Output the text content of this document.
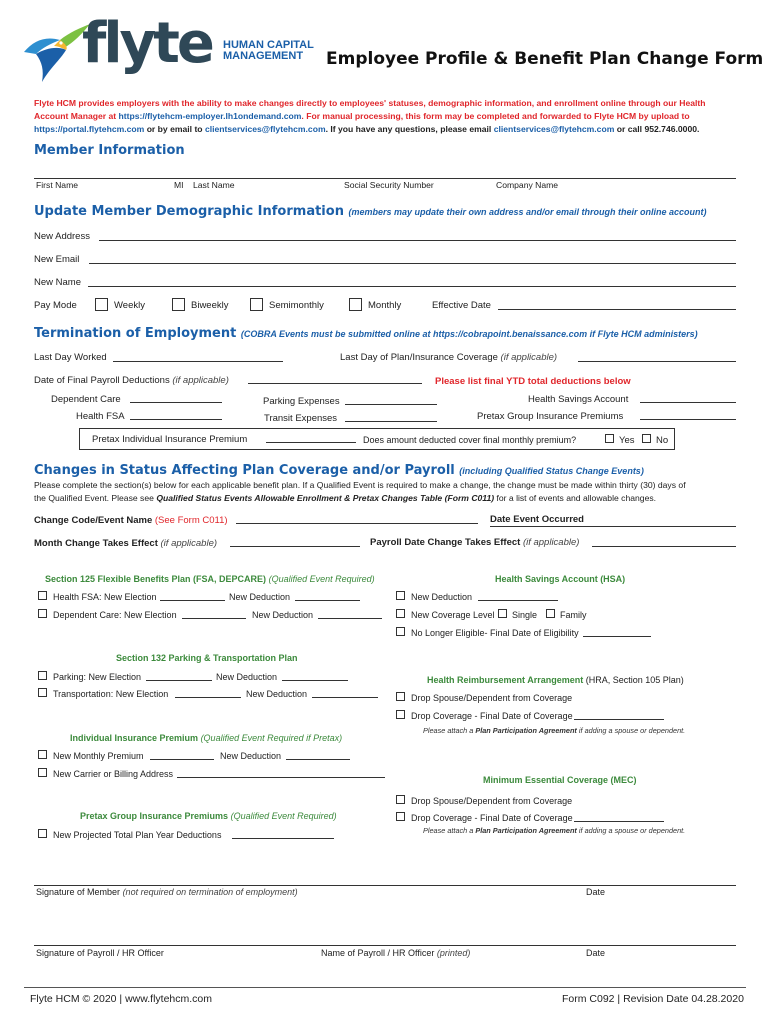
flyte HUMAN CAPITAL
MANAGEMENT Employee Profile & Benefit Plan Change Form
Flyte HCM provides employers with the ability to make changes directly to employees' statuses, demographic information, and enrollment online through our Health
Account Manager at https://flytehcm-employer.lh1ondemand.com. For manual processing, this form may be completed and forwarded to Flyte HCM by upload to
https://portal.flytehcm.com or by email to clientservices@flytehcm.com. If you have any questions, please email clientservices@flytehcm.com or call 952.746.0000.
Member Information
First Name	MI Last Name	Social Security Number	Company Name
Update Member Demographic Information (members may update their own address and/or email through their online account)
New Address
New Email
New Name
Pay Mode	Weekly	Biweekly	Semimonthly	Monthly	Effective Date
Termination of Employment (COBRA Events must be submitted online at https://cobrapoint.benaissance.com if Flyte HCM administers)
Last Day Worked	Last Day of Plan/Insurance Coverage (if applicable)
Date of Final Payroll Deductions (if applicable)	Please list final YTD total deductions below
Dependent Care	Parking Expenses	Health Savings Account
Health FSA	Transit Expenses	Pretax Group Insurance Premiums
Pretax Individual Insurance Premium	Does amount deducted cover final monthly premium?	Yes No
Changes in Status Affecting Plan Coverage and/or Payroll (including Qualified Status Change Events)
Please complete the section(s) below for each applicable benefit plan. If a Qualified Event is required to make a change, the change must be made within thirty (30) days of
the Qualified Event. Please see Qualified Status Events Allowable Enrollment & Pretax Changes Table (Form C011) for a list of events and allowable changes.
Change Code/Event Name (See Form C011)	Date Event Occurred
Month Change Takes Effect (if applicable)	Payroll Date Change Takes Effect (if applicable)
Section 125 Flexible Benefits Plan (FSA, DEPCARE) (Qualified Event Required)
Health FSA: New Election	New Deduction
Dependent Care: New Election	New Deduction
Health Savings Account (HSA)
New Deduction
New Coverage Level Single	Family
No Longer Eligible- Final Date of Eligibility
Section 132 Parking & Transportation Plan
Parking: New Election	New Deduction
Transportation: New Election	New Deduction
Health Reimbursement Arrangement (HRA, Section 105 Plan)
Drop Spouse/Dependent from Coverage
Drop Coverage - Final Date of Coverage
Please attach a Plan Participation Agreement if adding a spouse or dependent.
Individual Insurance Premium (Qualified Event Required if Pretax)
New Monthly Premium	New Deduction
New Carrier or Billing Address
Minimum Essential Coverage (MEC)
Drop Spouse/Dependent from Coverage
Drop Coverage - Final Date of Coverage
Please attach a Plan Participation Agreement if adding a spouse or dependent.
Pretax Group Insurance Premiums (Qualified Event Required)
New Projected Total Plan Year Deductions
Signature of Member (not required on termination of employment)	Date
Signature of Payroll / HR Officer	Name of Payroll / HR Officer (printed)	Date
Flyte HCM © 2020 | www.flytehcm.com	Form C092 | Revision Date 04.28.2020
